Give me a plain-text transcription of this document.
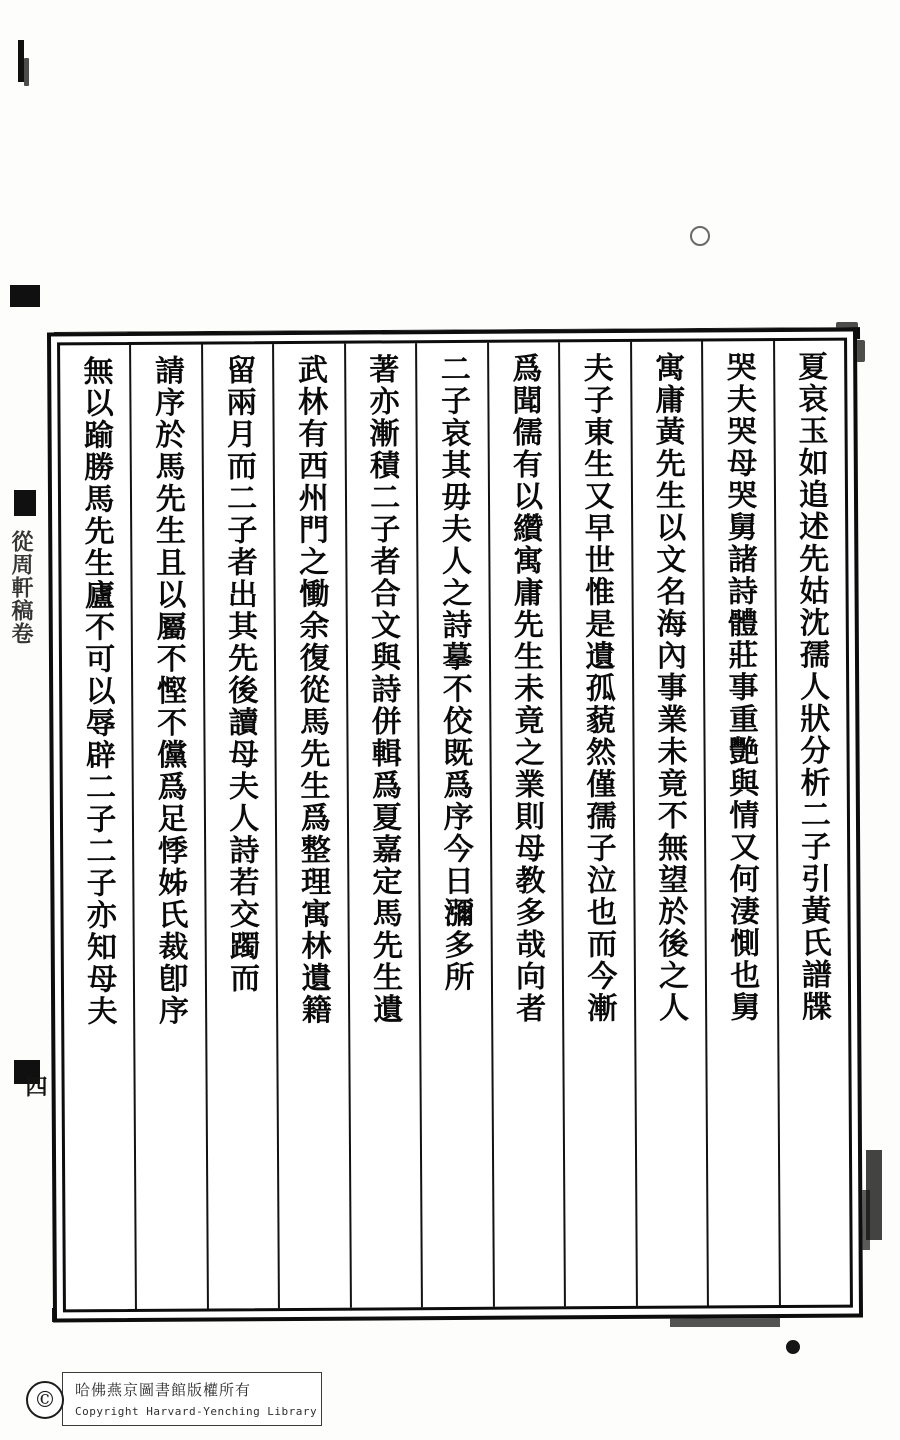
從周軒稿卷
四
夏哀玉如追述先姑沈孺人狀分析二子引黃氏譜牒
哭夫哭母哭舅諸詩體莊事重艷與情又何淒惻也舅
寓庸黃先生以文名海內事業未竟不無望於後之人
夫子東生又早世惟是遺孤藐然僅孺子泣也而今漸
爲聞儒有以纘寓庸先生未竟之業則母教多哉向者
二子哀其毋夫人之詩摹不佼既爲序今日瀰多所
著亦漸積二子者合文與詩併輯爲夏嘉定馬先生遺
武林有西州門之慟余復從馬先生爲整理寓林遺籍
留兩月而二子者出其先後讀母夫人詩若交躅而
請序於馬先生且以屬不慳不儻爲足悸姊氏裁卽序
無以踰勝馬先生廬不可以辱辟二子二子亦知母夫
哈佛燕京圖書館版權所有
Copyright Harvard-Yenching Library
©
